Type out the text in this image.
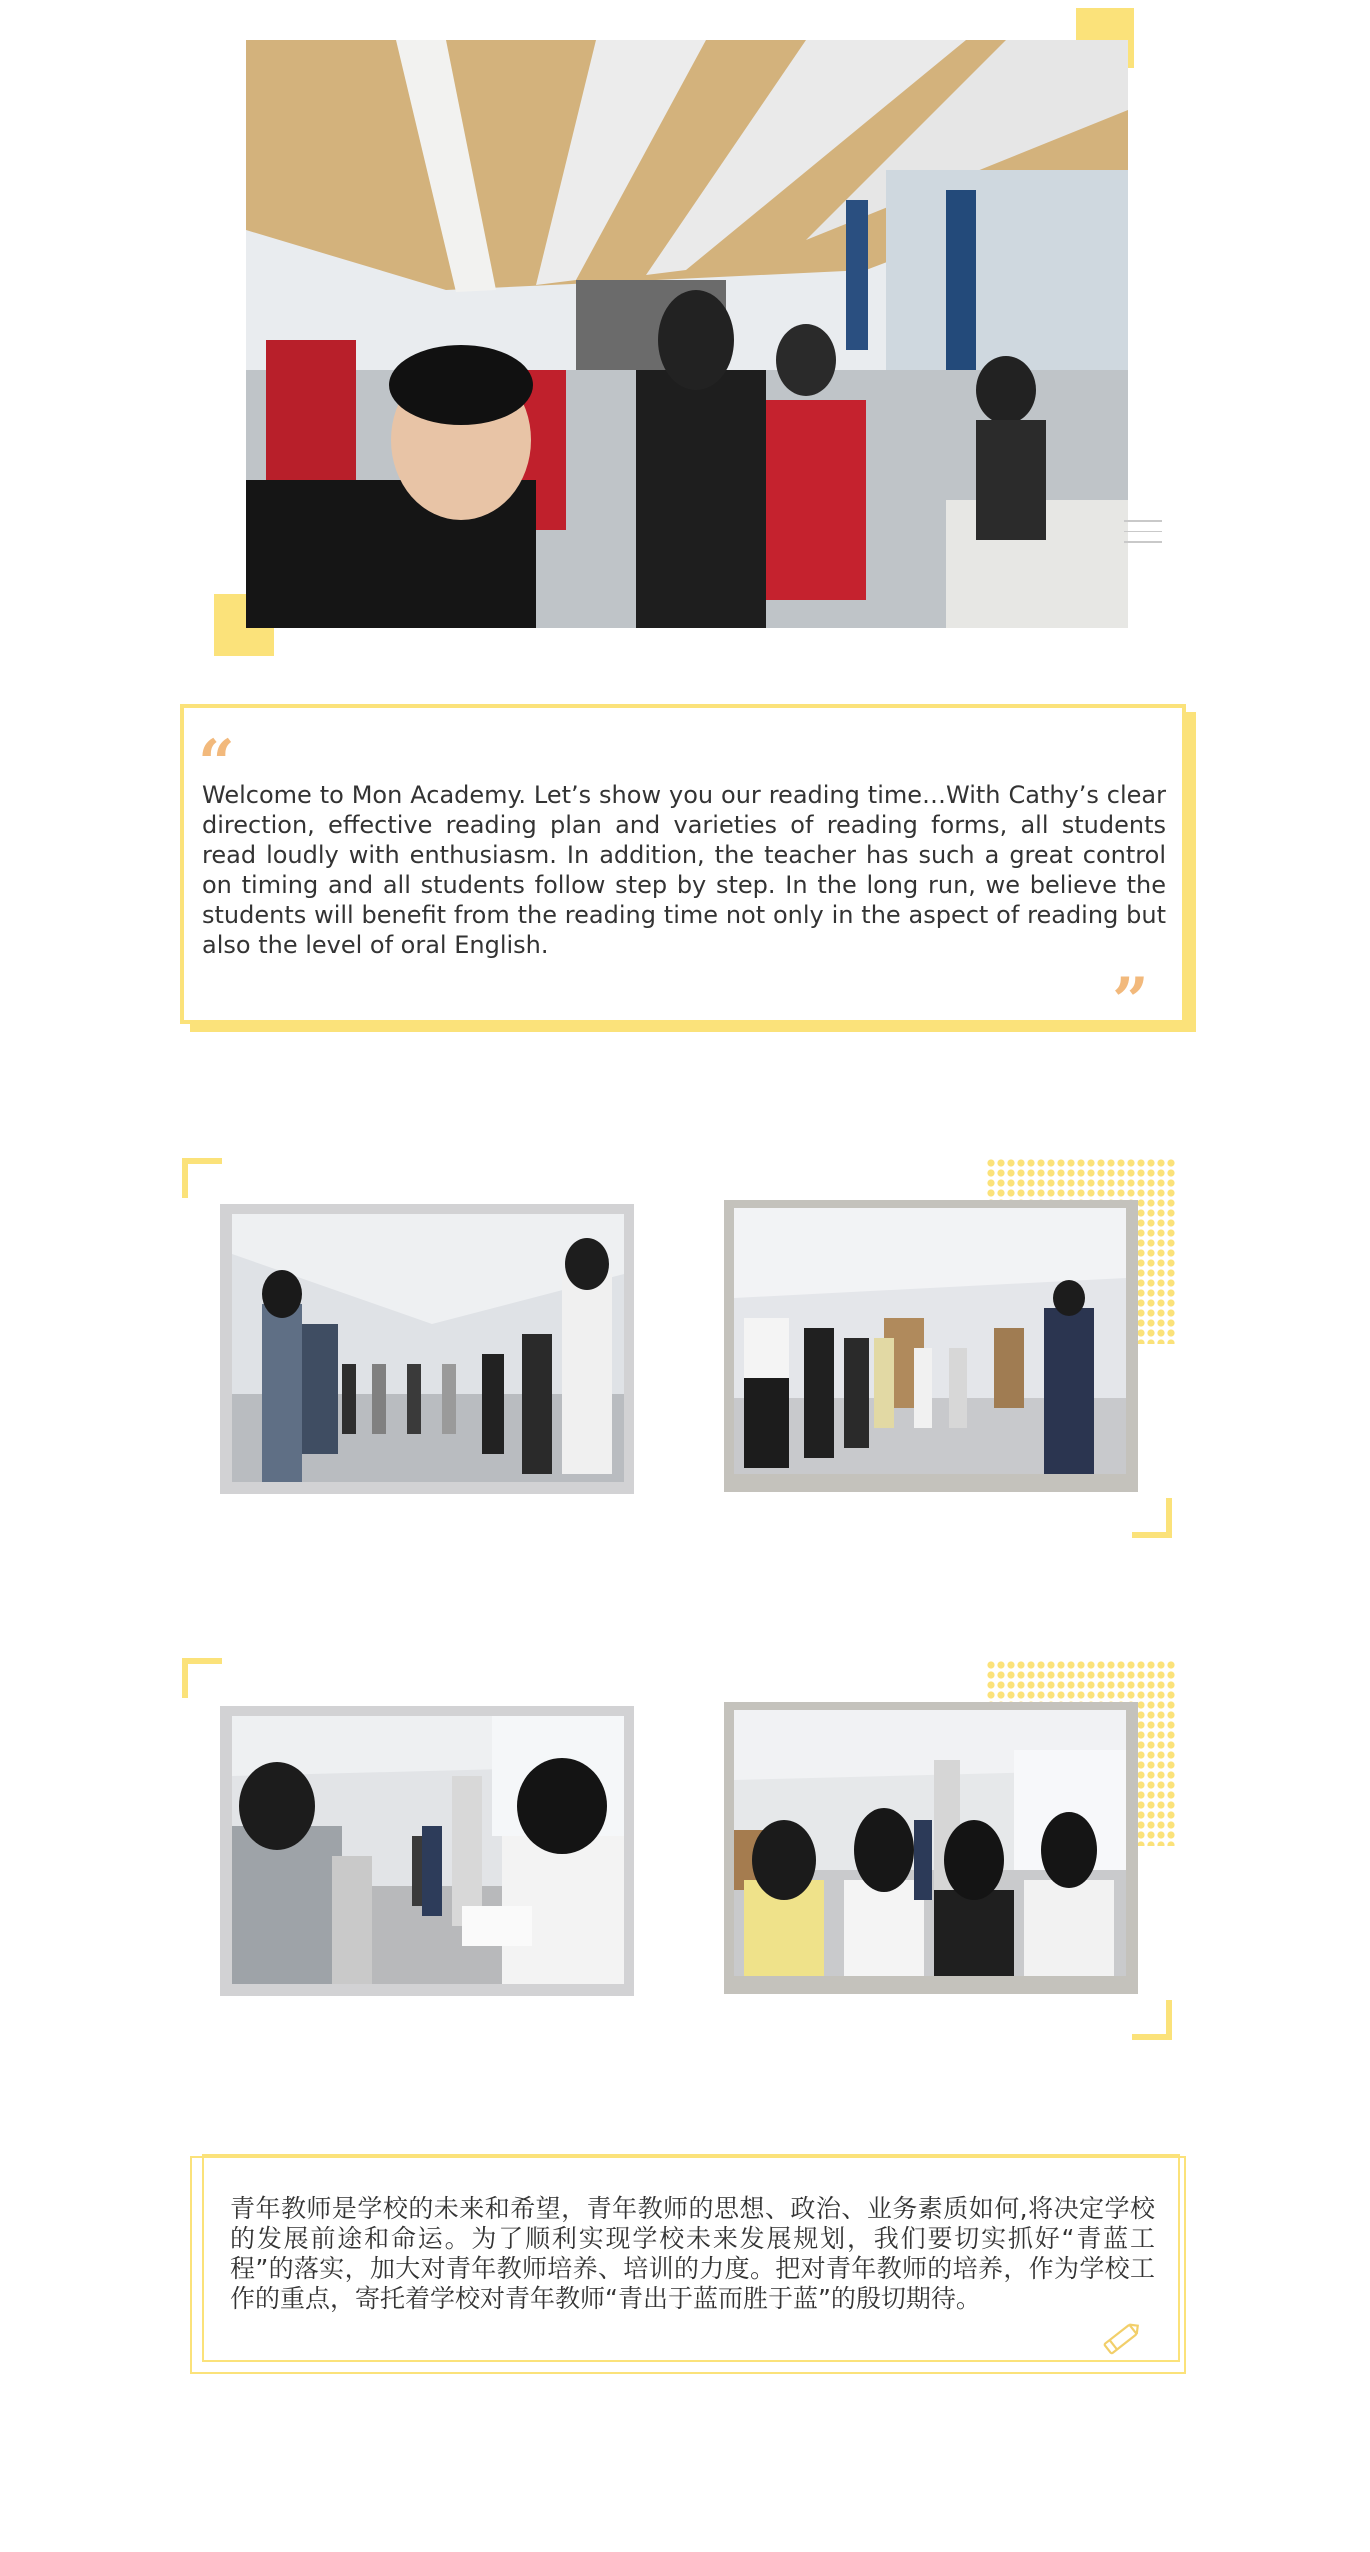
“

Welcome to Mon Academy. Let’s show you our reading time…With Cathy’s clear direction, effective reading plan and varieties of reading forms, all students read loudly with enthusiasm. In addition, the teacher has such a great control on timing and all students follow step by step. In the long run, we believe the students will benefit from the reading time not only in the aspect of reading but also the level of oral English.

”

青年教师是学校的未来和希望，青年教师的思想、政治、业务素质如何,将决定学校的发展前途和命运。为了顺利实现学校未来发展规划，我们要切实抓好“青蓝工程”的落实，加大对青年教师培养、培训的力度。把对青年教师的培养，作为学校工作的重点，寄托着学校对青年教师“青出于蓝而胜于蓝”的殷切期待。
